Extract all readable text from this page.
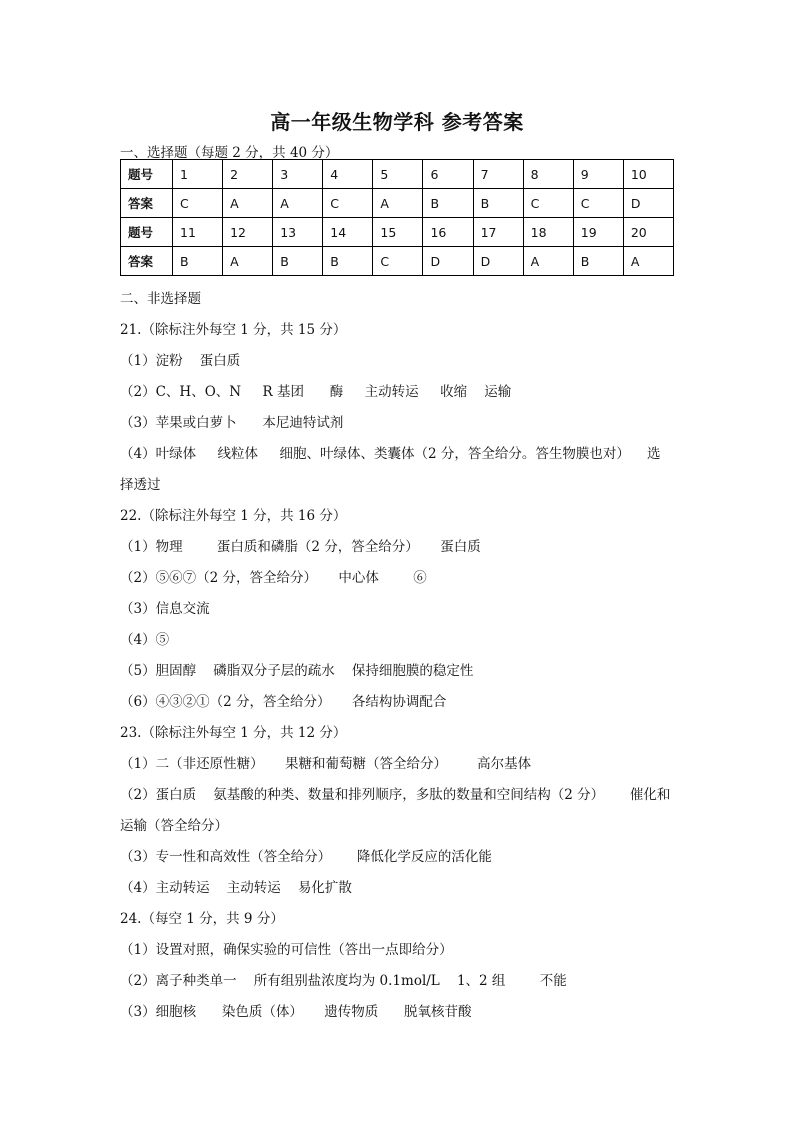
高一年级生物学科 参考答案
一、选择题（每题 2 分，共 40 分）
题号	1	2	3	4	5	6	7	8	9	10
答案	C	A	A	C	A	B	B	C	C	D
题号	11	12	13	14	15	16	17	18	19	20
答案	B	A	B	B	C	D	D	A	B	A
二、非选择题
21.（除标注外每空 1 分，共 15 分）
（1）淀粉    蛋白质
（2）C、H、O、N     R 基团      酶     主动转运     收缩    运输
（3）苹果或白萝卜      本尼迪特试剂
（4）叶绿体     线粒体     细胞、叶绿体、类囊体（2 分，答全给分。答生物膜也对）    选
择透过
22.（除标注外每空 1 分，共 16 分）
（1）物理        蛋白质和磷脂（2 分，答全给分）     蛋白质
（2）⑤⑥⑦（2 分，答全给分）     中心体        ⑥
（3）信息交流
（4）⑤
（5）胆固醇    磷脂双分子层的疏水    保持细胞膜的稳定性
（6）④③②①（2 分，答全给分）     各结构协调配合
23.（除标注外每空 1 分，共 12 分）
（1）二（非还原性糖）     果糖和葡萄糖（答全给分）       高尔基体
（2）蛋白质    氨基酸的种类、数量和排列顺序，多肽的数量和空间结构（2 分）      催化和
运输（答全给分）
（3）专一性和高效性（答全给分）      降低化学反应的活化能
（4）主动转运    主动转运    易化扩散
24.（每空 1 分，共 9 分）
（1）设置对照，确保实验的可信性（答出一点即给分）
（2）离子种类单一    所有组别盐浓度均为 0.1mol/L    1、2 组        不能
（3）细胞核      染色质（体）     遗传物质      脱氧核苷酸
